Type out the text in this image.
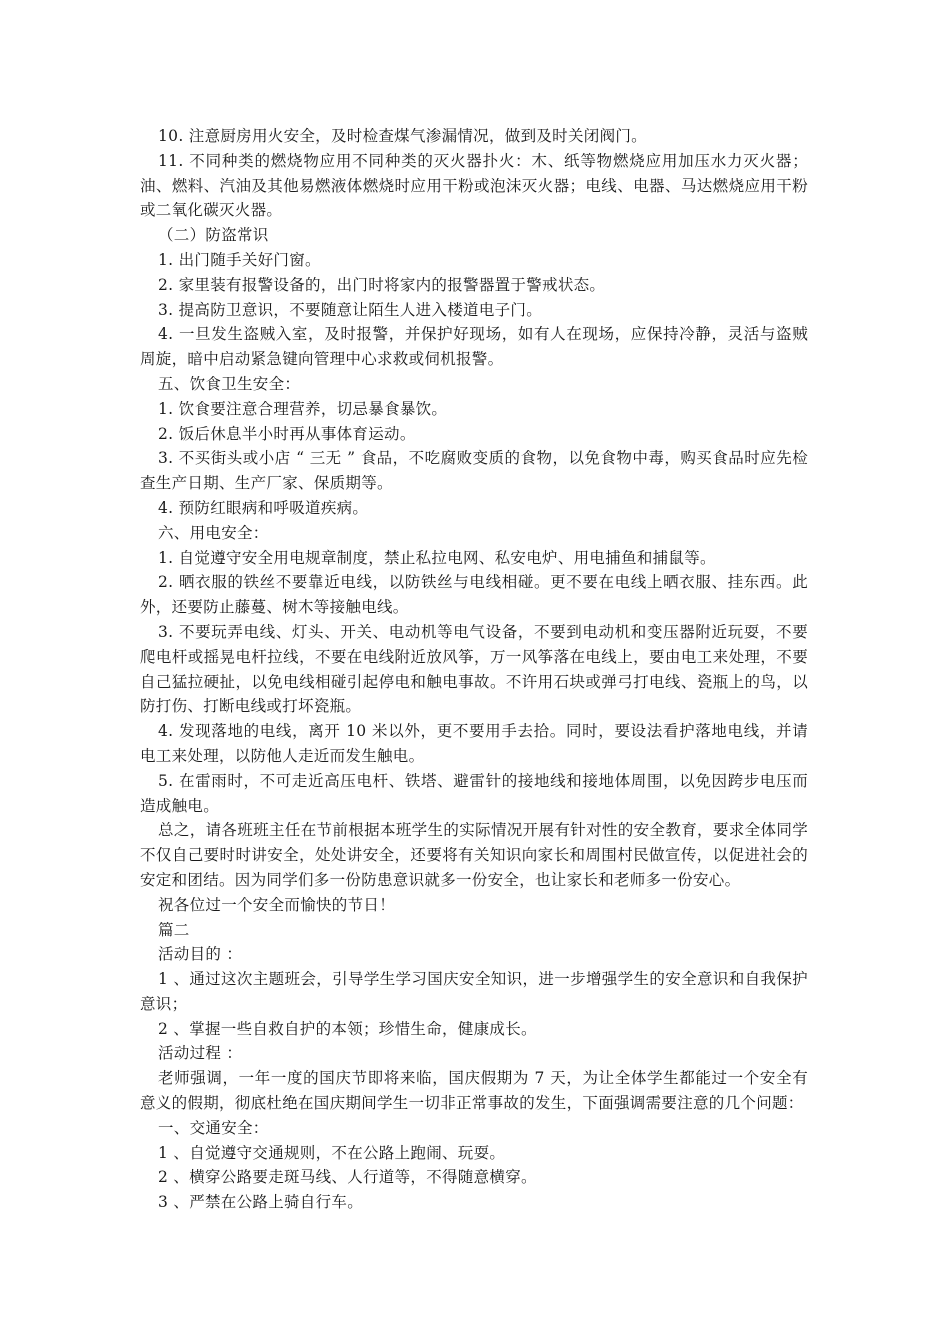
10. 注意厨房用火安全，及时检查煤气渗漏情况，做到及时关闭阀门。

11. 不同种类的燃烧物应用不同种类的灭火器扑火：木、纸等物燃烧应用加压水力灭火器；油、燃料、汽油及其他易燃液体燃烧时应用干粉或泡沫灭火器；电线、电器、马达燃烧应用干粉或二氧化碳灭火器。

（二）防盗常识

1. 出门随手关好门窗。

2. 家里装有报警设备的，出门时将家内的报警器置于警戒状态。

3. 提高防卫意识，不要随意让陌生人进入楼道电子门。

4. 一旦发生盗贼入室，及时报警，并保护好现场，如有人在现场，应保持冷静，灵活与盗贼周旋，暗中启动紧急键向管理中心求救或伺机报警。

五、饮食卫生安全：

1. 饮食要注意合理营养，切忌暴食暴饮。

2. 饭后休息半小时再从事体育运动。

3. 不买街头或小店 “ 三无 ” 食品，不吃腐败变质的食物，以免食物中毒，购买食品时应先检查生产日期、生产厂家、保质期等。

4. 预防红眼病和呼吸道疾病。

六、用电安全：

1. 自觉遵守安全用电规章制度，禁止私拉电网、私安电炉、用电捕鱼和捕鼠等。

2. 晒衣服的铁丝不要靠近电线，以防铁丝与电线相碰。更不要在电线上晒衣服、挂东西。此外，还要防止藤蔓、树木等接触电线。

3. 不要玩弄电线、灯头、开关、电动机等电气设备，不要到电动机和变压器附近玩耍，不要爬电杆或摇晃电杆拉线，不要在电线附近放风筝，万一风筝落在电线上，要由电工来处理，不要自己猛拉硬扯，以免电线相碰引起停电和触电事故。不许用石块或弹弓打电线、瓷瓶上的鸟，以防打伤、打断电线或打坏瓷瓶。

4. 发现落地的电线，离开 10 米以外，更不要用手去拾。同时，要设法看护落地电线，并请电工来处理，以防他人走近而发生触电。

5. 在雷雨时，不可走近高压电杆、铁塔、避雷针的接地线和接地体周围，以免因跨步电压而造成触电。

总之，请各班班主任在节前根据本班学生的实际情况开展有针对性的安全教育，要求全体同学不仅自己要时时讲安全，处处讲安全，还要将有关知识向家长和周围村民做宣传，以促进社会的安定和团结。因为同学们多一份防患意识就多一份安全，也让家长和老师多一份安心。

祝各位过一个安全而愉快的节日！

篇二

活动目的 ：

1 、通过这次主题班会，引导学生学习国庆安全知识，进一步增强学生的安全意识和自我保护意识；

2 、掌握一些自救自护的本领；珍惜生命，健康成长。

活动过程 ：

老师强调，一年一度的国庆节即将来临，国庆假期为 7 天，为让全体学生都能过一个安全有意义的假期，彻底杜绝在国庆期间学生一切非正常事故的发生，下面强调需要注意的几个问题：

一、交通安全：

1 、自觉遵守交通规则，不在公路上跑闹、玩耍。

2 、横穿公路要走斑马线、人行道等，不得随意横穿。

3 、严禁在公路上骑自行车。
